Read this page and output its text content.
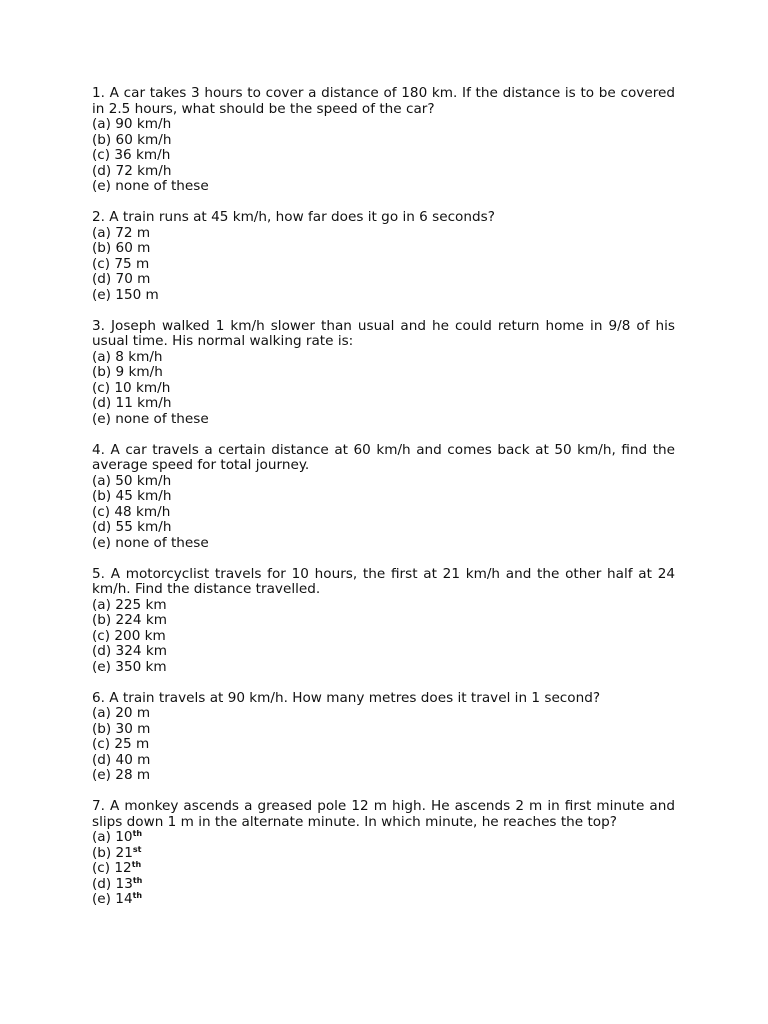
1. A car takes 3 hours to cover a distance of 180 km. If the distance is to be covered in 2.5 hours, what should be the speed of the car?

(a) 90 km/h
(b) 60 km/h
(c) 36 km/h
(d) 72 km/h
(e) none of these

2. A train runs at 45 km/h, how far does it go in 6 seconds?

(a) 72 m
(b) 60 m
(c) 75 m
(d) 70 m
(e) 150 m

3. Joseph walked 1 km/h slower than usual and he could return home in 9/8 of his usual time. His normal walking rate is:

(a) 8 km/h
(b) 9 km/h
(c) 10 km/h
(d) 11 km/h
(e) none of these

4. A car travels a certain distance at 60 km/h and comes back at 50 km/h, find the average speed for total journey.

(a) 50 km/h
(b) 45 km/h
(c) 48 km/h
(d) 55 km/h
(e) none of these

5. A motorcyclist travels for 10 hours, the first at 21 km/h and the other half at 24 km/h. Find the distance travelled.

(a) 225 km
(b) 224 km
(c) 200 km
(d) 324 km
(e) 350 km

6. A train travels at 90 km/h. How many metres does it travel in 1 second?

(a) 20 m
(b) 30 m
(c) 25 m
(d) 40 m
(e) 28 m

7. A monkey ascends a greased pole 12 m high. He ascends 2 m in first minute and slips down 1 m in the alternate minute. In which minute, he reaches the top?

(a) 10th
(b) 21st
(c) 12th
(d) 13th
(e) 14th
